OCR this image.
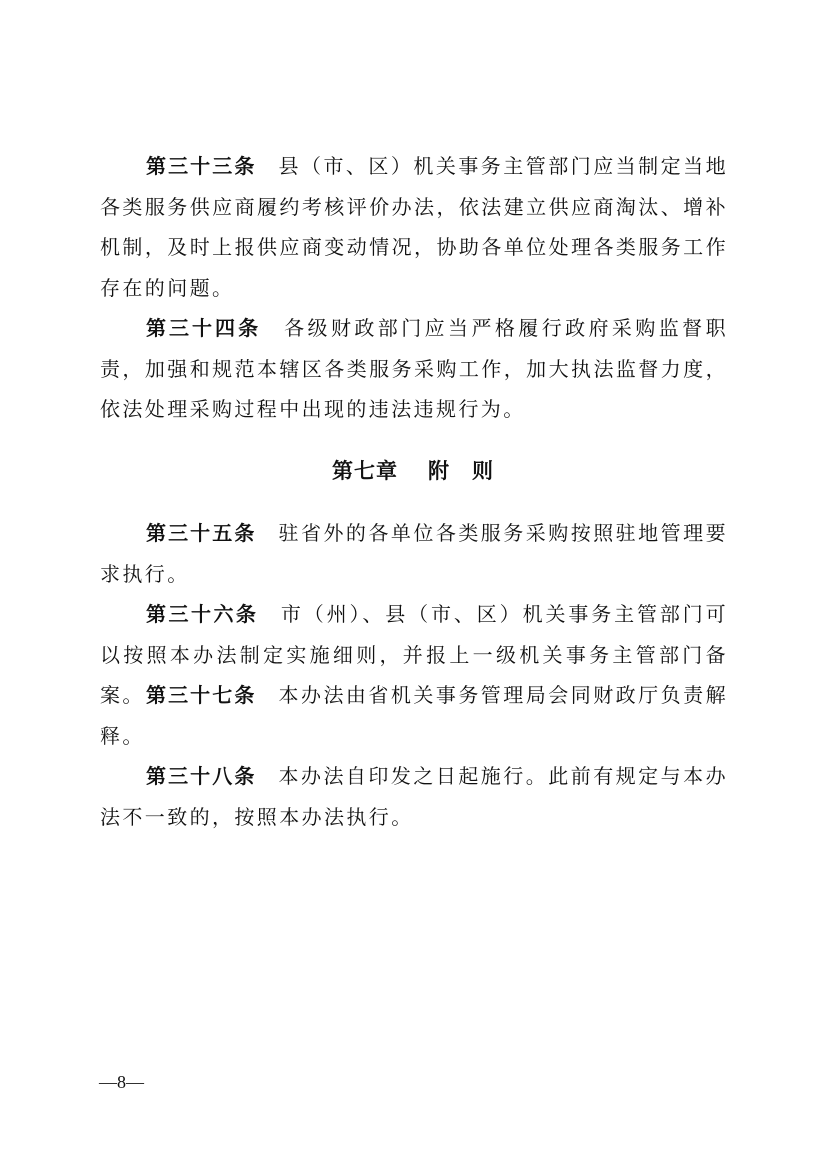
第三十三条 县（市、区）机关事务主管部门应当制定当地各类服务供应商履约考核评价办法，依法建立供应商淘汰、增补机制，及时上报供应商变动情况，协助各单位处理各类服务工作存在的问题。

第三十四条 各级财政部门应当严格履行政府采购监督职责，加强和规范本辖区各类服务采购工作，加大执法监督力度，依法处理采购过程中出现的违法违规行为。

第七章 附　则

第三十五条 驻省外的各单位各类服务采购按照驻地管理要求执行。

第三十六条 市（州）、县（市、区）机关事务主管部门可以按照本办法制定实施细则，并报上一级机关事务主管部门备案。 第三十七条 本办法由省机关事务管理局会同财政厅负责解释。

第三十八条 本办法自印发之日起施行。此前有规定与本办法不一致的，按照本办法执行。

—8—
